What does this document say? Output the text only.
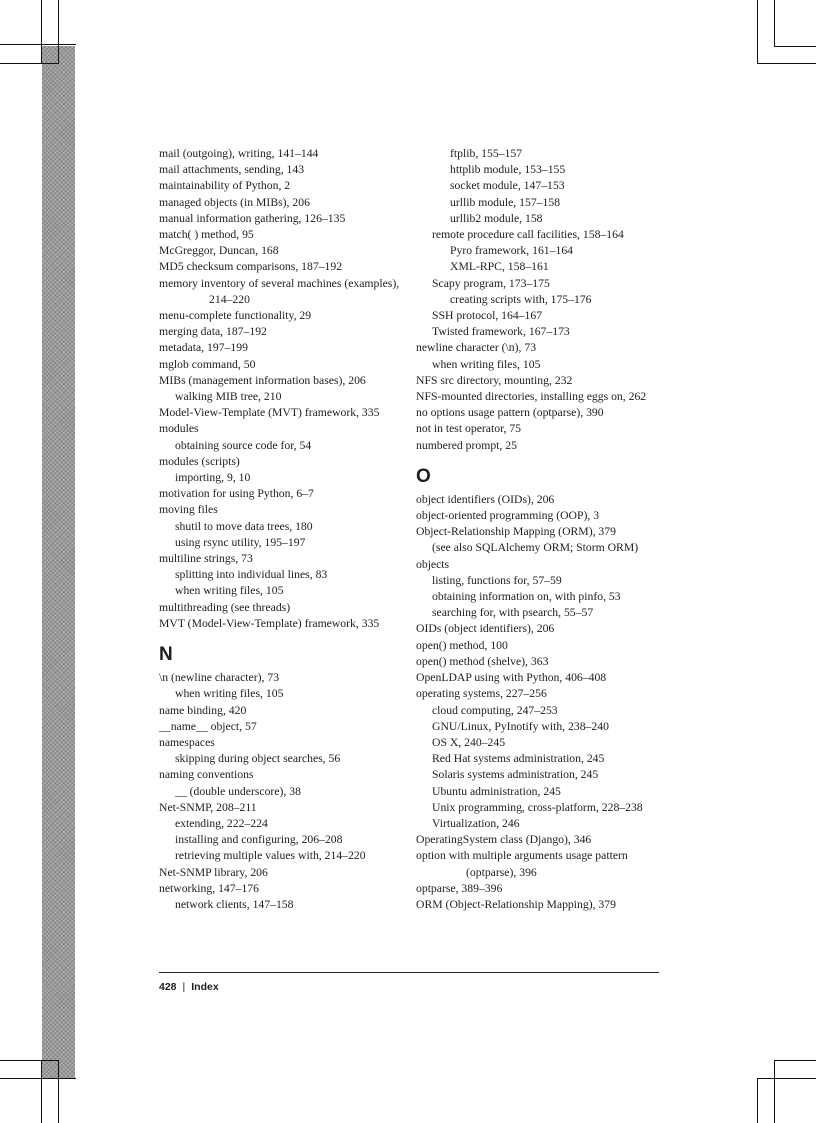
mail (outgoing), writing, 141–144
mail attachments, sending, 143
maintainability of Python, 2
managed objects (in MIBs), 206
manual information gathering, 126–135
match( ) method, 95
McGreggor, Duncan, 168
MD5 checksum comparisons, 187–192
memory inventory of several machines (examples), 214–220
menu-complete functionality, 29
merging data, 187–192
metadata, 197–199
mglob command, 50
MIBs (management information bases), 206
walking MIB tree, 210
Model-View-Template (MVT) framework, 335
modules
obtaining source code for, 54
modules (scripts)
importing, 9, 10
motivation for using Python, 6–7
moving files
shutil to move data trees, 180
using rsync utility, 195–197
multiline strings, 73
splitting into individual lines, 83
when writing files, 105
multithreading (see threads)
MVT (Model-View-Template) framework, 335
N
\n (newline character), 73
when writing files, 105
name binding, 420
__name__ object, 57
namespaces
skipping during object searches, 56
naming conventions
__ (double underscore), 38
Net-SNMP, 208–211
extending, 222–224
installing and configuring, 206–208
retrieving multiple values with, 214–220
Net-SNMP library, 206
networking, 147–176
network clients, 147–158
ftplib, 155–157
httplib module, 153–155
socket module, 147–153
urllib module, 157–158
urllib2 module, 158
remote procedure call facilities, 158–164
Pyro framework, 161–164
XML-RPC, 158–161
Scapy program, 173–175
creating scripts with, 175–176
SSH protocol, 164–167
Twisted framework, 167–173
newline character (\n), 73
when writing files, 105
NFS src directory, mounting, 232
NFS-mounted directories, installing eggs on, 262
no options usage pattern (optparse), 390
not in test operator, 75
numbered prompt, 25
O
object identifiers (OIDs), 206
object-oriented programming (OOP), 3
Object-Relationship Mapping (ORM), 379
(see also SQLAlchemy ORM; Storm ORM)
objects
listing, functions for, 57–59
obtaining information on, with pinfo, 53
searching for, with psearch, 55–57
OIDs (object identifiers), 206
open() method, 100
open() method (shelve), 363
OpenLDAP using with Python, 406–408
operating systems, 227–256
cloud computing, 247–253
GNU/Linux, PyInotify with, 238–240
OS X, 240–245
Red Hat systems administration, 245
Solaris systems administration, 245
Ubuntu administration, 245
Unix programming, cross-platform, 228–238
Virtualization, 246
OperatingSystem class (Django), 346
option with multiple arguments usage pattern (optparse), 396
optparse, 389–396
ORM (Object-Relationship Mapping), 379
428 | Index
